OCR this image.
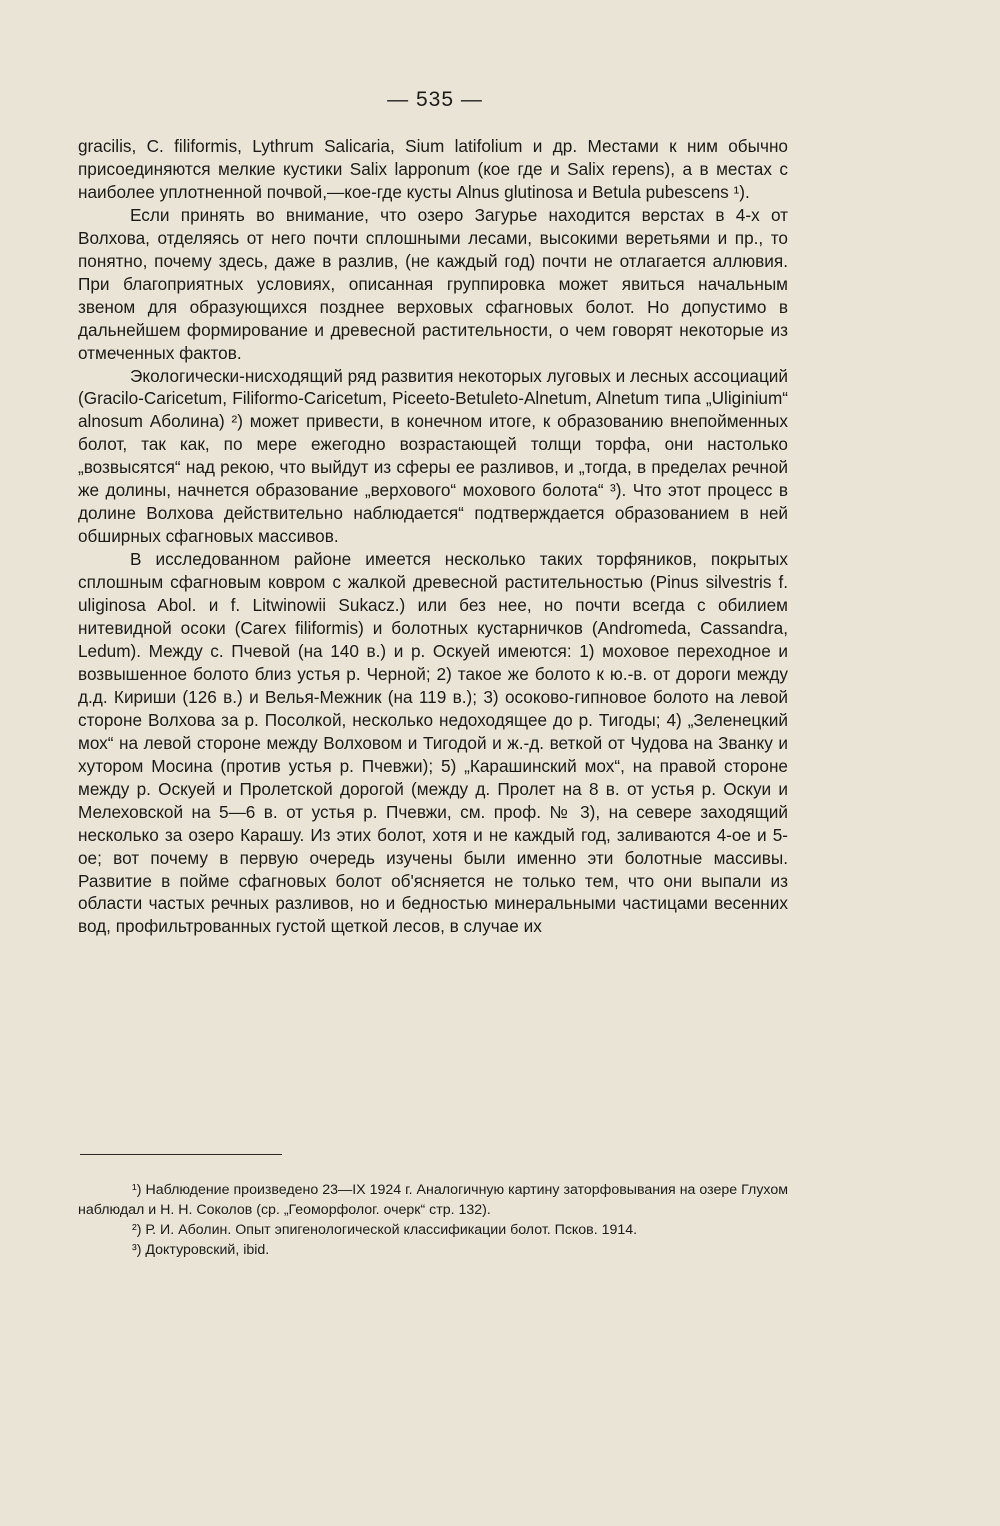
— 535 —

gracilis, C. filiformis, Lythrum Salicaria, Sium latifolium и др. Местами к ним обычно присоединяются мелкие кустики Salix lapponum (кое где и Salix repens), а в местах с наиболее уплотненной почвой,—кое-где кусты Alnus glutinosa и Betula pubescens ¹).

Если принять во внимание, что озеро Загурье находится верстах в 4-х от Волхова, отделяясь от него почти сплошными лесами, высокими веретьями и пр., то понятно, почему здесь, даже в разлив, (не каждый год) почти не отлагается аллювия. При благоприятных условиях, описанная группировка может явиться начальным звеном для образующихся позднее верховых сфагновых болот. Но допустимо в дальнейшем формирование и древесной растительности, о чем говорят некоторые из отмеченных фактов.

Экологически-нисходящий ряд развития некоторых луговых и лесных ассоциаций (Gracilo-Caricetum, Filiformo-Caricetum, Piceeto-Betuleto-Alnetum, Alnetum типа „Uliginium“ alnosum Аболина) ²) может привести, в конечном итоге, к образованию внепойменных болот, так как, по мере ежегодно возрастающей толщи торфа, они настолько „возвысятся“ над рекою, что выйдут из сферы ее разливов, и „тогда, в пределах речной же долины, начнется образование „верхового“ мохового болота“ ³). Что этот процесс в долине Волхова действительно наблюдается“ подтверждается образованием в ней обширных сфагновых массивов.

В исследованном районе имеется несколько таких торфяников, покрытых сплошным сфагновым ковром с жалкой древесной растительностью (Pinus silvestris f. uliginosa Abol. и f. Litwinowii Sukacz.) или без нее, но почти всегда с обилием нитевидной осоки (Carex filiformis) и болотных кустарничков (Andromeda, Cassandra, Ledum). Между с. Пчевой (на 140 в.) и р. Оскуей имеются: 1) моховое переходное и возвышенное болото близ устья р. Черной; 2) такое же болото к ю.-в. от дороги между д.д. Кириши (126 в.) и Велья-Межник (на 119 в.); 3) осоково-гипновое болото на левой стороне Волхова за р. Посолкой, несколько недоходящее до р. Тигоды; 4) „Зеленецкий мох“ на левой стороне между Волховом и Тигодой и ж.-д. веткой от Чудова на Званку и хутором Мосина (против устья р. Пчевжи); 5) „Карашинский мох“, на правой стороне между р. Оскуей и Пролетской дорогой (между д. Пролет на 8 в. от устья р. Оскуи и Мелеховской на 5—6 в. от устья р. Пчевжи, см. проф. № 3), на севере заходящий несколько за озеро Карашу. Из этих болот, хотя и не каждый год, заливаются 4-ое и 5-ое; вот почему в первую очередь изучены были именно эти болотные массивы. Развитие в пойме сфагновых болот об'ясняется не только тем, что они выпали из области частых речных разливов, но и бедностью минеральными частицами весенних вод, профильтрованных густой щеткой лесов, в случае их

¹) Наблюдение произведено 23—IX 1924 г. Аналогичную картину заторфовывания на озере Глухом наблюдал и Н. Н. Соколов (ср. „Геоморфолог. очерк“ стр. 132).

²) Р. И. Аболин. Опыт эпигенологической классификации болот. Псков. 1914.

³) Доктуровский, ibid.
